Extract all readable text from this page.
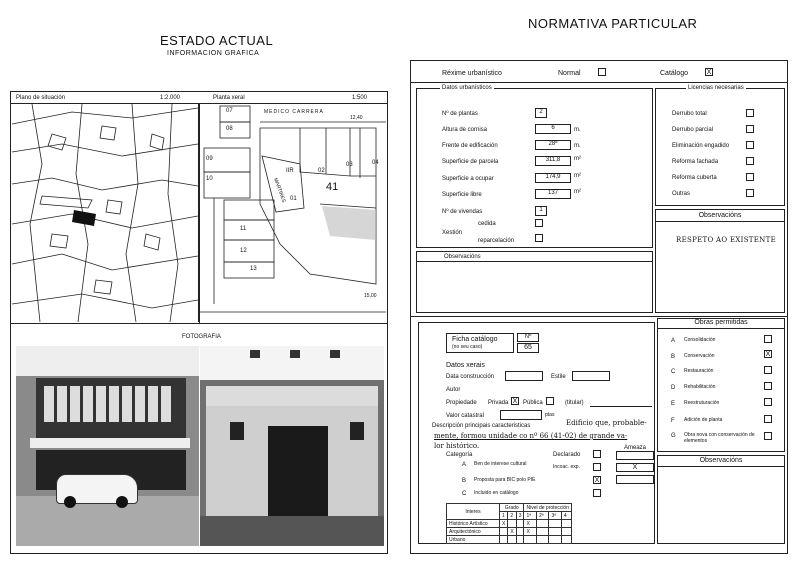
ESTADO ACTUAL
INFORMACION GRAFICA
Plano de situación	1:2.000	Planta xeral	1:500
MEDICO CARRERA
MARTIRES	41
07
08
09
10
11
12
13
IIR	02
03	04
01
12,40
15,00
FOTOGRAFIA
NORMATIVA PARTICULAR
Réxime urbanístico	Normal	Catálogo	X
Datos urbanísticos
Nº de plantas	2
Altura de cornisa	6	m.
Frente de edificación	28ª	m.
Superficie de parcela	311,8	m²
Superficie a ocupar	174,9	m²
Superficie libre	137	m²
Nº de vivendas	1
cedida
Xestión
reparcelación
Licencias necesarias
Derrubo total
Derrubo parcial
Eliminación engadido
Reforma fachada
Reforma cuberta
Outras
Observacións
RESPETO AO EXISTENTE
Observacións
Ficha catálogo
(no seu caso)
Nº
65
Datos xerais
Data construcción	Estile
Autor
Propiedade Privada X Pública	(titular)
Valor catastral	ptas
Descripción principais caracteristicas	Edificio que, probable-
mente, formou unidade co nº 66 (41-02) de grande va-
lor histórico.
Categoría	Declarado
Ameaza
X
A Ben de interese cultural	Incoac. exp.
B Proposta para BIC polo PIE	X
C Incluido en catálogo
Interes	Grado			Nivel de protección			
	1	2	3	1ª	2ª	3ª	4
Histórico Artístico	X			X			
Arquitectónico		X		X			
Urbano							
Obras permitidas
A Consolidación
B Conservación	X
C Restauración
D Rehabilitación
E Reestruturación
F Adición de planta
G Obra nova con conservación de elementos
Observacións
